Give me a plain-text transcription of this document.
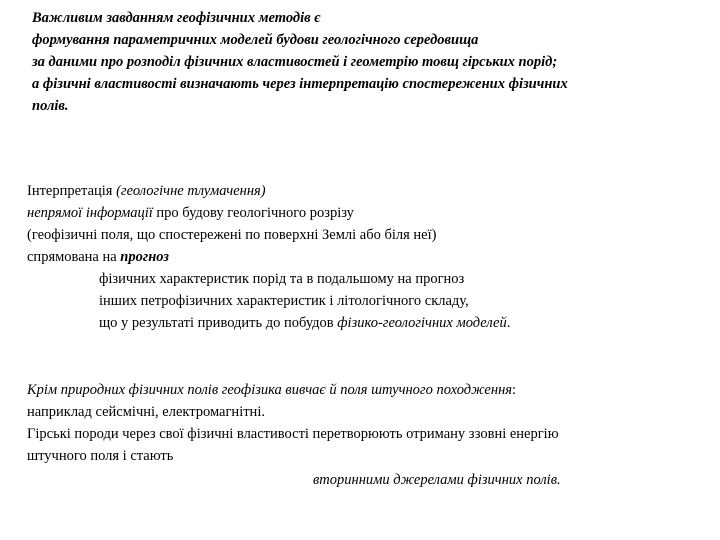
Важливим завданням геофізичних методів є
формування параметричних моделей будови геологічного середовища
за даними про розподіл фізичних властивостей і геометрію товщ гірських порід;
а фізичні властивості визначають через інтерпретацію спостережених фізичних
полів.
Інтерпретація (геологічне тлумачення)
непрямої інформації про будову геологічного розрізу
(геофізичні поля, що спостережені по поверхні Землі або біля неї)
спрямована на прогноз
фізичних характеристик порід та в подальшому на прогноз
інших петрофізичних характеристик і літологічного складу,
що у результаті приводить до побудов фізико-геологічних моделей.
Крім природних фізичних полів геофізика вивчає й поля штучного походження:
наприклад сейсмічні, електромагнітні.
Гірські породи через свої фізичні властивості перетворюють отриману ззовні енергію
штучного поля і стають
вторинними джерелами фізичних полів.
